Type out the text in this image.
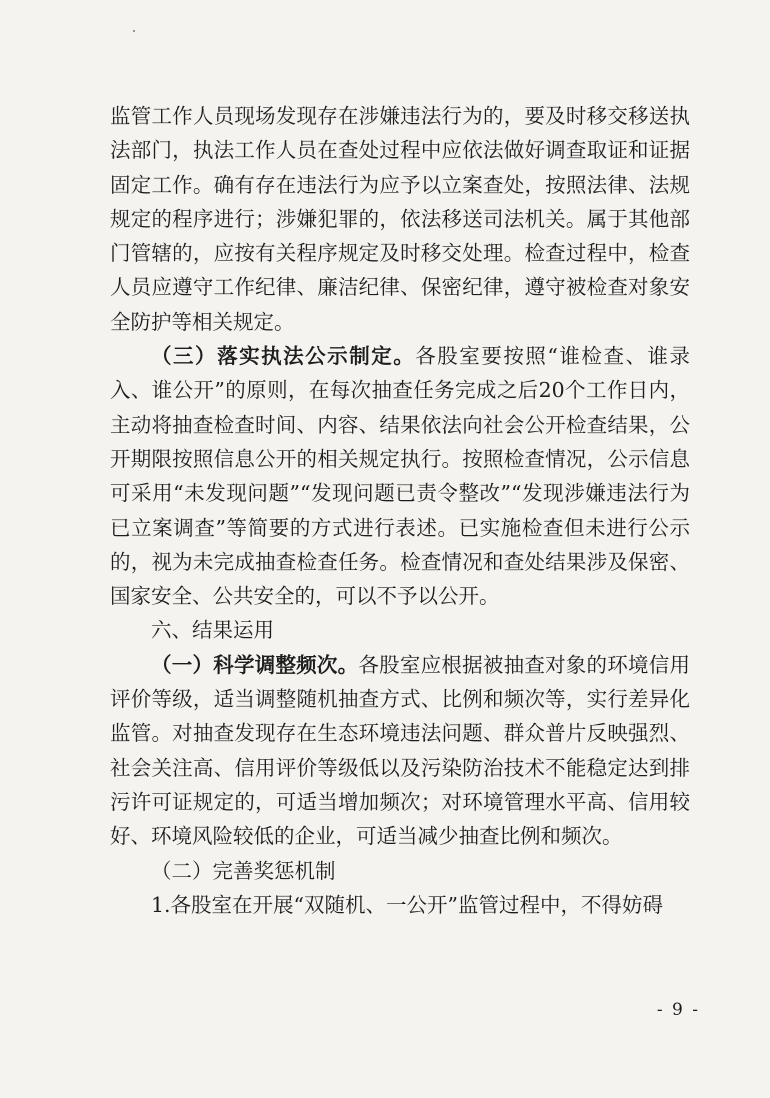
监管工作人员现场发现存在涉嫌违法行为的，要及时移交移送执法部门，执法工作人员在查处过程中应依法做好调查取证和证据固定工作。确有存在违法行为应予以立案查处，按照法律、法规规定的程序进行；涉嫌犯罪的，依法移送司法机关。属于其他部门管辖的，应按有关程序规定及时移交处理。检查过程中，检查人员应遵守工作纪律、廉洁纪律、保密纪律，遵守被检查对象安全防护等相关规定。

（三）落实执法公示制定。各股室要按照“谁检查、谁录入、谁公开”的原则，在每次抽查任务完成之后20个工作日内，主动将抽查检查时间、内容、结果依法向社会公开检查结果，公开期限按照信息公开的相关规定执行。按照检查情况，公示信息可采用“未发现问题”“发现问题已责令整改”“发现涉嫌违法行为已立案调查”等简要的方式进行表述。已实施检查但未进行公示的，视为未完成抽查检查任务。检查情况和查处结果涉及保密、国家安全、公共安全的，可以不予以公开。

六、结果运用

（一）科学调整频次。各股室应根据被抽查对象的环境信用评价等级，适当调整随机抽查方式、比例和频次等，实行差异化监管。对抽查发现存在生态环境违法问题、群众普片反映强烈、社会关注高、信用评价等级低以及污染防治技术不能稳定达到排污许可证规定的，可适当增加频次；对环境管理水平高、信用较好、环境风险较低的企业，可适当减少抽查比例和频次。

（二）完善奖惩机制

1.各股室在开展“双随机、一公开”监管过程中，不得妨碍

- 9 -
